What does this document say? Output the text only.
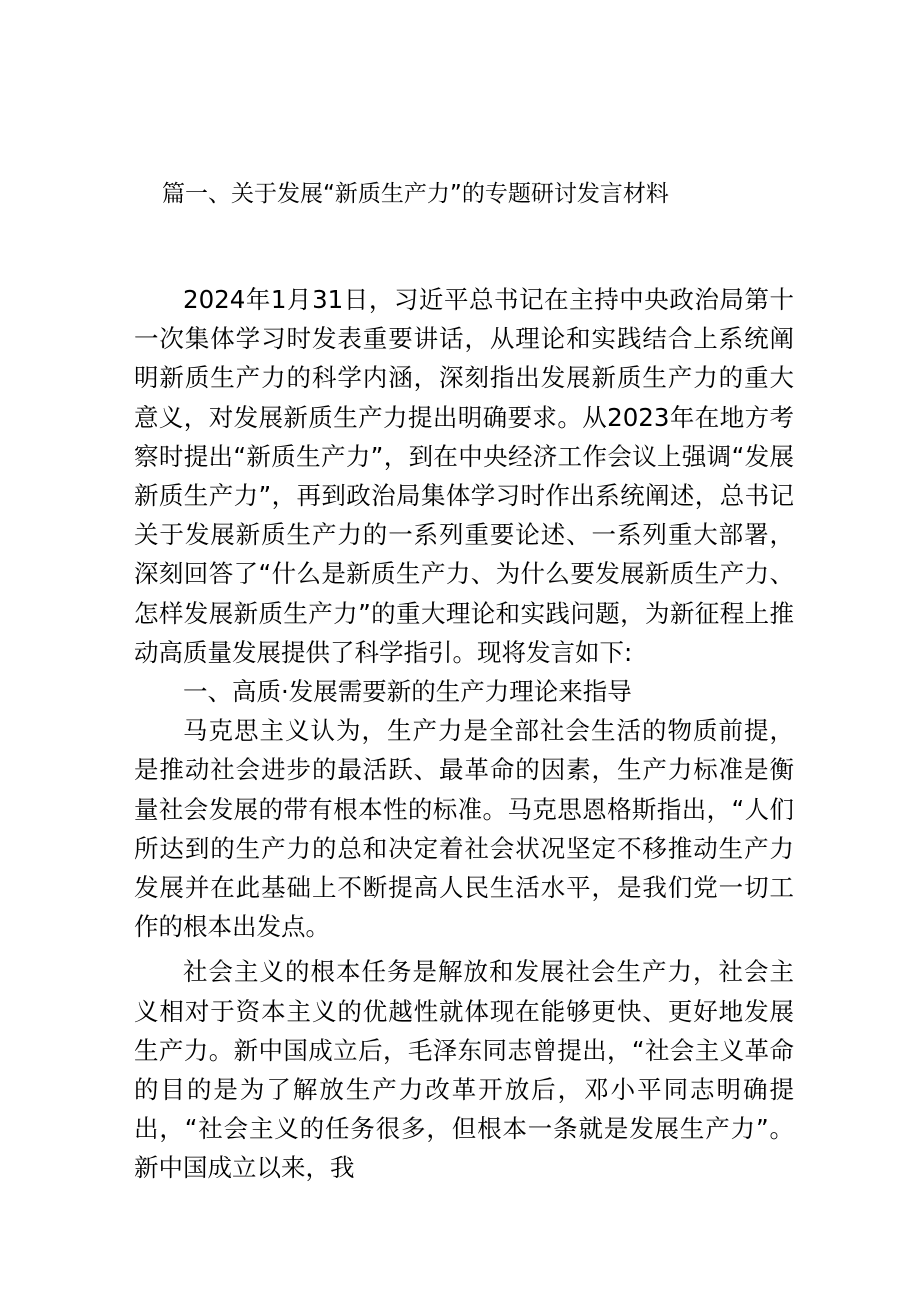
篇一、关于发展“新质生产力”的专题研讨发言材料

2024年1月31日，习近平总书记在主持中央政治局第十一次集体学习时发表重要讲话，从理论和实践结合上系统阐明新质生产力的科学内涵，深刻指出发展新质生产力的重大意义，对发展新质生产力提出明确要求。从2023年在地方考察时提出“新质生产力”，到在中央经济工作会议上强调“发展新质生产力”，再到政治局集体学习时作出系统阐述，总书记关于发展新质生产力的一系列重要论述、一系列重大部署，深刻回答了“什么是新质生产力、为什么要发展新质生产力、怎样发展新质生产力”的重大理论和实践问题，为新征程上推动高质量发展提供了科学指引。现将发言如下:

一、高质·发展需要新的生产力理论来指导

马克思主义认为，生产力是全部社会生活的物质前提，是推动社会进步的最活跃、最革命的因素，生产力标准是衡量社会发展的带有根本性的标准。马克思恩格斯指出，“人们所达到的生产力的总和决定着社会状况坚定不移推动生产力发展并在此基础上不断提高人民生活水平，是我们党一切工作的根本出发点。

社会主义的根本任务是解放和发展社会生产力，社会主义相对于资本主义的优越性就体现在能够更快、更好地发展生产力。新中国成立后，毛泽东同志曾提出，“社会主义革命的目的是为了解放生产力改革开放后，邓小平同志明确提出，“社会主义的任务很多，但根本一条就是发展生产力”。新中国成立以来，我
